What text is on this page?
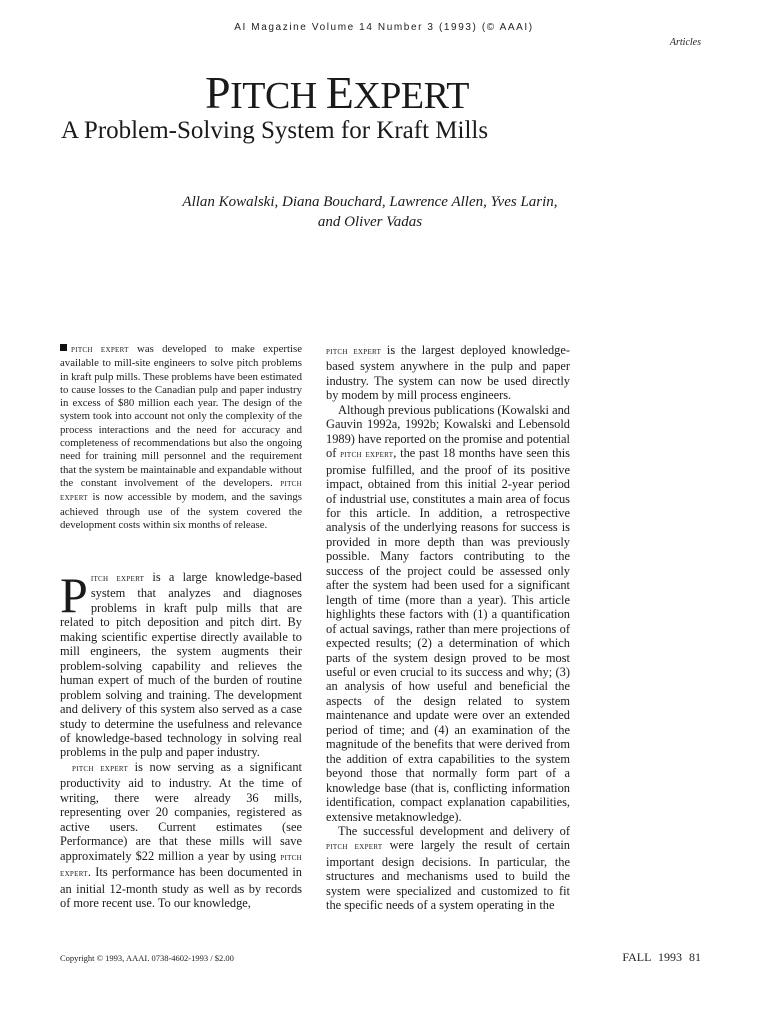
AI Magazine Volume 14 Number 3 (1993) (© AAAI)
Articles
PITCH EXPERT
A Problem-Solving System for Kraft Mills
Allan Kowalski, Diana Bouchard, Lawrence Allen, Yves Larin,
and Oliver Vadas
pitch expert was developed to make expertise available to mill-site engineers to solve pitch problems in kraft pulp mills. These problems have been estimated to cause losses to the Canadian pulp and paper industry in excess of $80 million each year. The design of the system took into account not only the complexity of the process interactions and the need for accuracy and completeness of recommendations but also the ongoing need for training mill personnel and the requirement that the system be maintainable and expandable without the constant involvement of the developers. pitch expert is now accessible by modem, and the savings achieved through use of the system covered the development costs within six months of release.

Pitch expert is a large knowledge-based system that analyzes and diagnoses problems in kraft pulp mills that are related to pitch deposition and pitch dirt. By making scientific expertise directly available to mill engineers, the system augments their problem-solving capability and relieves the human expert of much of the burden of routine problem solving and training. The development and delivery of this system also served as a case study to determine the usefulness and relevance of knowledge-based technology in solving real problems in the pulp and paper industry.

pitch expert is now serving as a significant productivity aid to industry. At the time of writing, there were already 36 mills, representing over 20 companies, registered as active users. Current estimates (see Performance) are that these mills will save approximately $22 million a year by using pitch expert. Its performance has been documented in an initial 12-month study as well as by records of more recent use. To our knowledge,

pitch expert is the largest deployed knowledge-based system anywhere in the pulp and paper industry. The system can now be used directly by modem by mill process engineers.

Although previous publications (Kowalski and Gauvin 1992a, 1992b; Kowalski and Lebensold 1989) have reported on the promise and potential of pitch expert, the past 18 months have seen this promise fulfilled, and the proof of its positive impact, obtained from this initial 2-year period of industrial use, constitutes a main area of focus for this article. In addition, a retrospective analysis of the underlying reasons for success is provided in more depth than was previously possible. Many factors contributing to the success of the project could be assessed only after the system had been used for a significant length of time (more than a year). This article highlights these factors with (1) a quantification of actual savings, rather than mere projections of expected results; (2) a determination of which parts of the system design proved to be most useful or even crucial to its success and why; (3) an analysis of how useful and beneficial the aspects of the design related to system maintenance and update were over an extended period of time; and (4) an examination of the magnitude of the benefits that were derived from the addition of extra capabilities to the system beyond those that normally form part of a knowledge base (that is, conflicting information identification, compact explanation capabilities, extensive metaknowledge).

The successful development and delivery of pitch expert were largely the result of certain important design decisions. In particular, the structures and mechanisms used to build the system were specialized and customized to fit the specific needs of a system operating in the

Copyright © 1993, AAAI. 0738-4602-1993 / $2.00	FALL 1993 81
